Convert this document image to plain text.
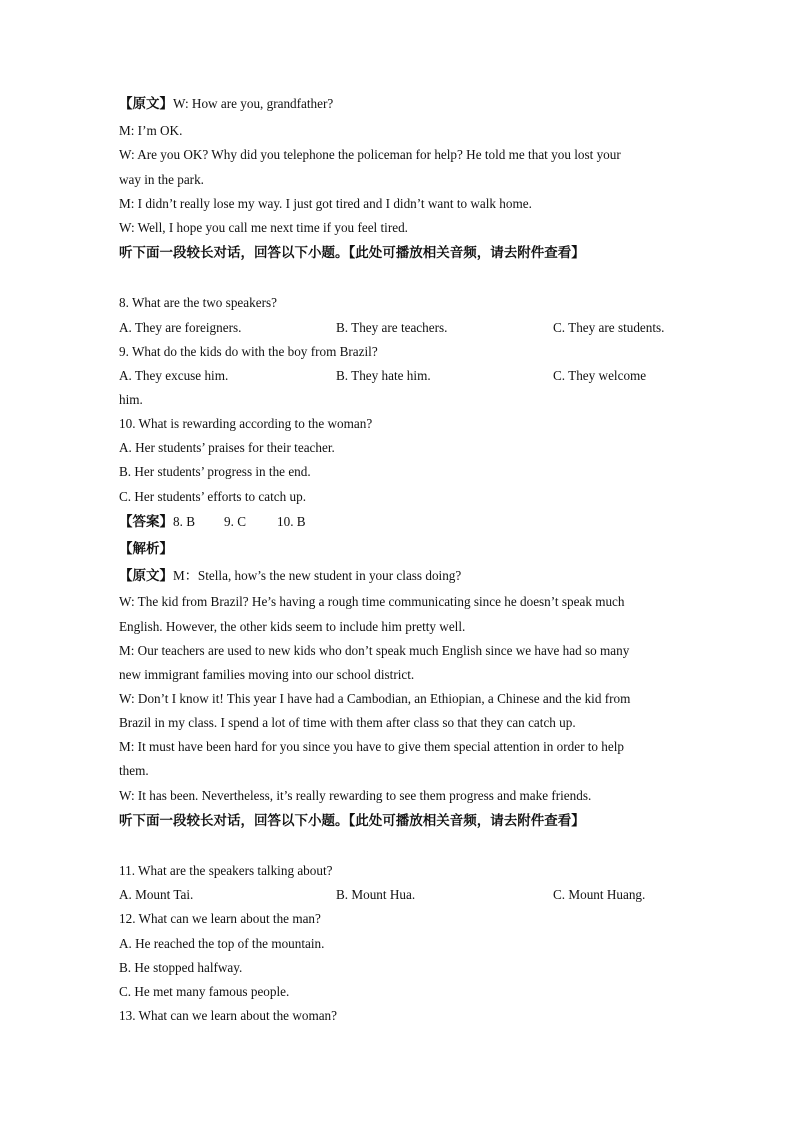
【原文】W: How are you, grandfather?
M: I’m OK.
W: Are you OK? Why did you telephone the policeman for help? He told me that you lost your
way in the park.
M: I didn’t really lose my way. I just got tired and I didn’t want to walk home.
W: Well, I hope you call me next time if you feel tired.
听下面一段较长对话，回答以下小题。【此处可播放相关音频，请去附件查看】
8. What are the two speakers?
A. They are foreigners.	B. They are teachers.	C. They are students.
9. What do the kids do with the boy from Brazil?
A. They excuse him.	B. They hate him.	C. They welcome
him.
10. What is rewarding according to the woman?
A. Her students’ praises for their teacher.
B. Her students’ progress in the end.
C. Her students’ efforts to catch up.
【答案】8. B 9. C 10. B
【解析】
【原文】M：Stella, how’s the new student in your class doing?
W: The kid from Brazil? He’s having a rough time communicating since he doesn’t speak much
English. However, the other kids seem to include him pretty well.
M: Our teachers are used to new kids who don’t speak much English since we have had so many
new immigrant families moving into our school district.
W: Don’t I know it! This year I have had a Cambodian, an Ethiopian, a Chinese and the kid from
Brazil in my class. I spend a lot of time with them after class so that they can catch up.
M: It must have been hard for you since you have to give them special attention in order to help
them.
W: It has been. Nevertheless, it’s really rewarding to see them progress and make friends.
听下面一段较长对话，回答以下小题。【此处可播放相关音频，请去附件查看】
11. What are the speakers talking about?
A. Mount Tai.	B. Mount Hua.	C. Mount Huang.
12. What can we learn about the man?
A. He reached the top of the mountain.
B. He stopped halfway.
C. He met many famous people.
13. What can we learn about the woman?
